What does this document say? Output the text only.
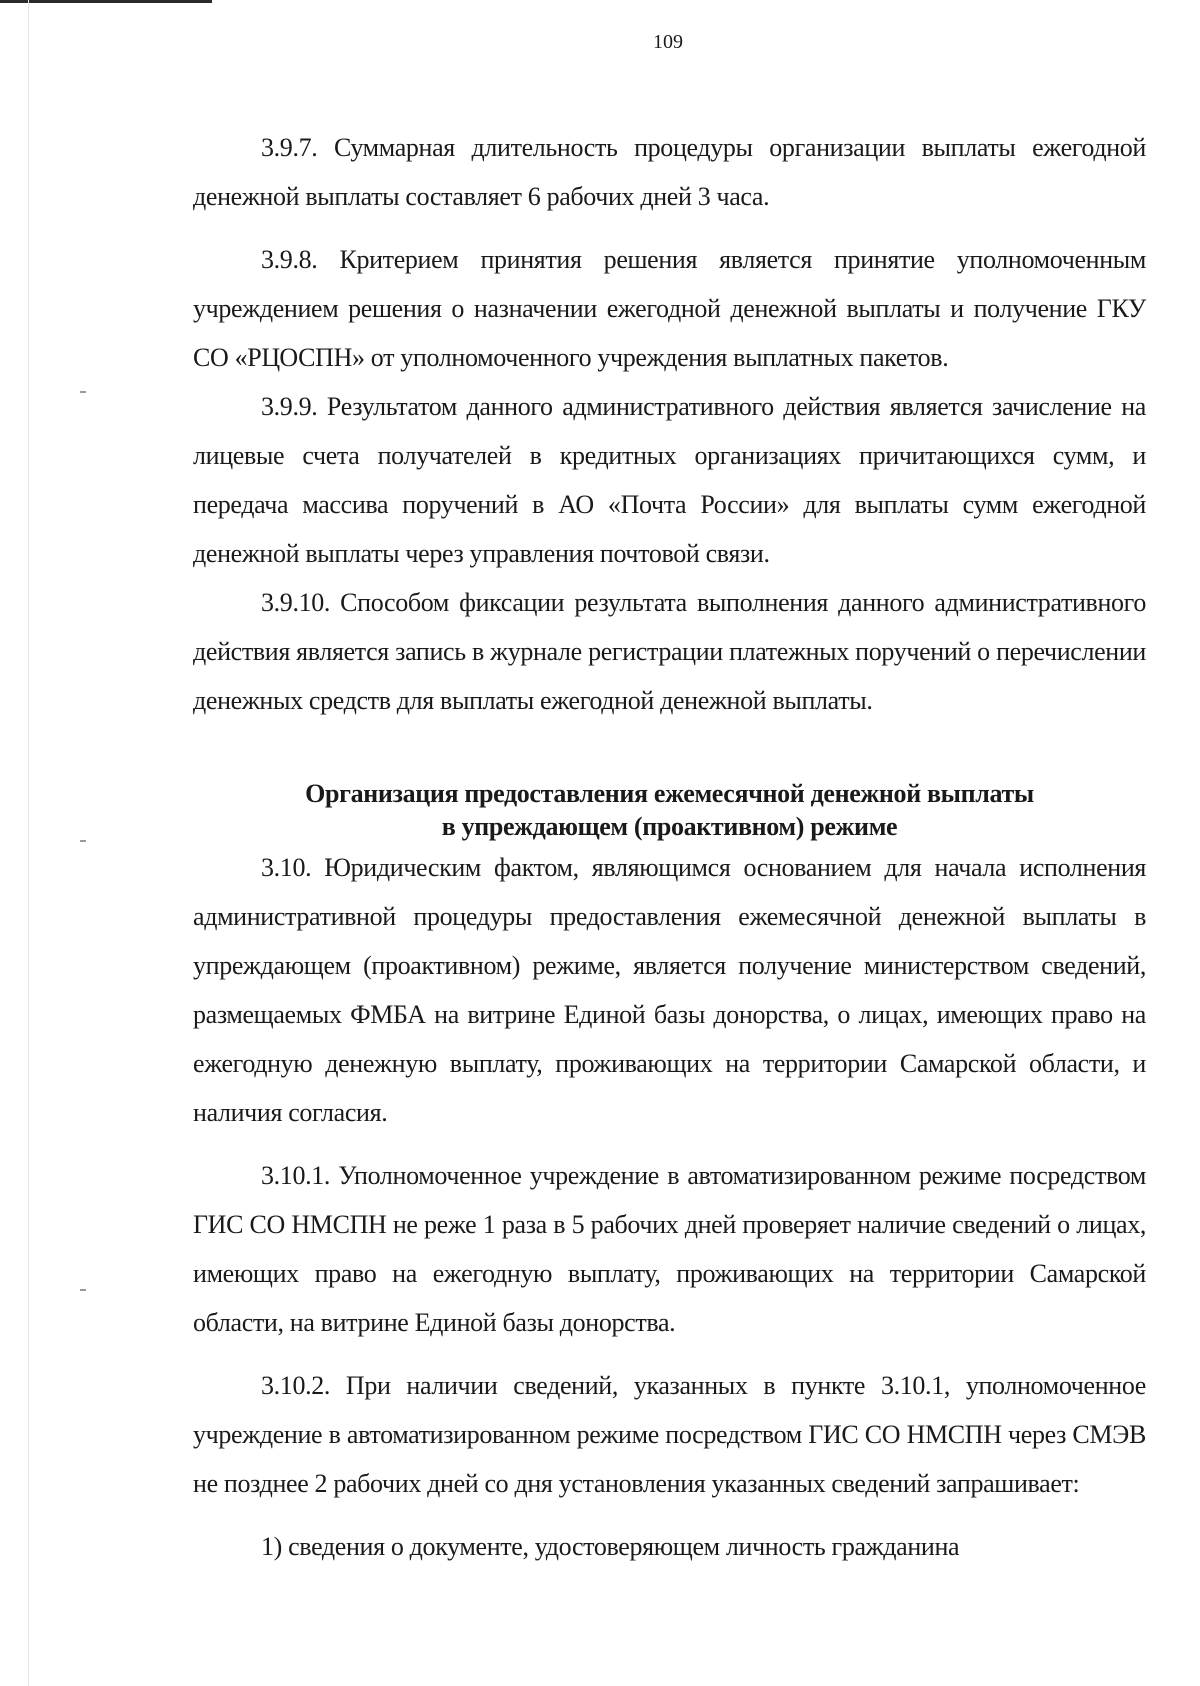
109

3.9.7. Суммарная длительность процедуры организации выплаты ежегодной денежной выплаты составляет 6 рабочих дней 3 часа.

3.9.8. Критерием принятия решения является принятие уполномоченным учреждением решения о назначении ежегодной денежной выплаты и получение ГКУ СО «РЦОСПН» от уполномоченного учреждения выплатных пакетов.

3.9.9. Результатом данного административного действия является зачисление на лицевые счета получателей в кредитных организациях причитающихся сумм, и передача массива поручений в АО «Почта России» для выплаты сумм ежегодной денежной выплаты через управления почтовой связи.

3.9.10. Способом фиксации результата выполнения данного административного действия является запись в журнале регистрации платежных поручений о перечислении денежных средств для выплаты ежегодной денежной выплаты.

Организация предоставления ежемесячной денежной выплаты
в упреждающем (проактивном) режиме

3.10. Юридическим фактом, являющимся основанием для начала исполнения административной процедуры предоставления ежемесячной денежной выплаты в упреждающем (проактивном) режиме, является получение министерством сведений, размещаемых ФМБА на витрине Единой базы донорства, о лицах, имеющих право на ежегодную денежную выплату, проживающих на территории Самарской области, и наличия согласия.

3.10.1. Уполномоченное учреждение в автоматизированном режиме посредством ГИС СО НМСПН не реже 1 раза в 5 рабочих дней проверяет наличие сведений о лицах, имеющих право на ежегодную выплату, проживающих на территории Самарской области, на витрине Единой базы донорства.

3.10.2. При наличии сведений, указанных в пункте 3.10.1, уполномоченное учреждение в автоматизированном режиме посредством ГИС СО НМСПН через СМЭВ не позднее 2 рабочих дней со дня установления указанных сведений запрашивает:

1) сведения о документе, удостоверяющем личность гражданина
